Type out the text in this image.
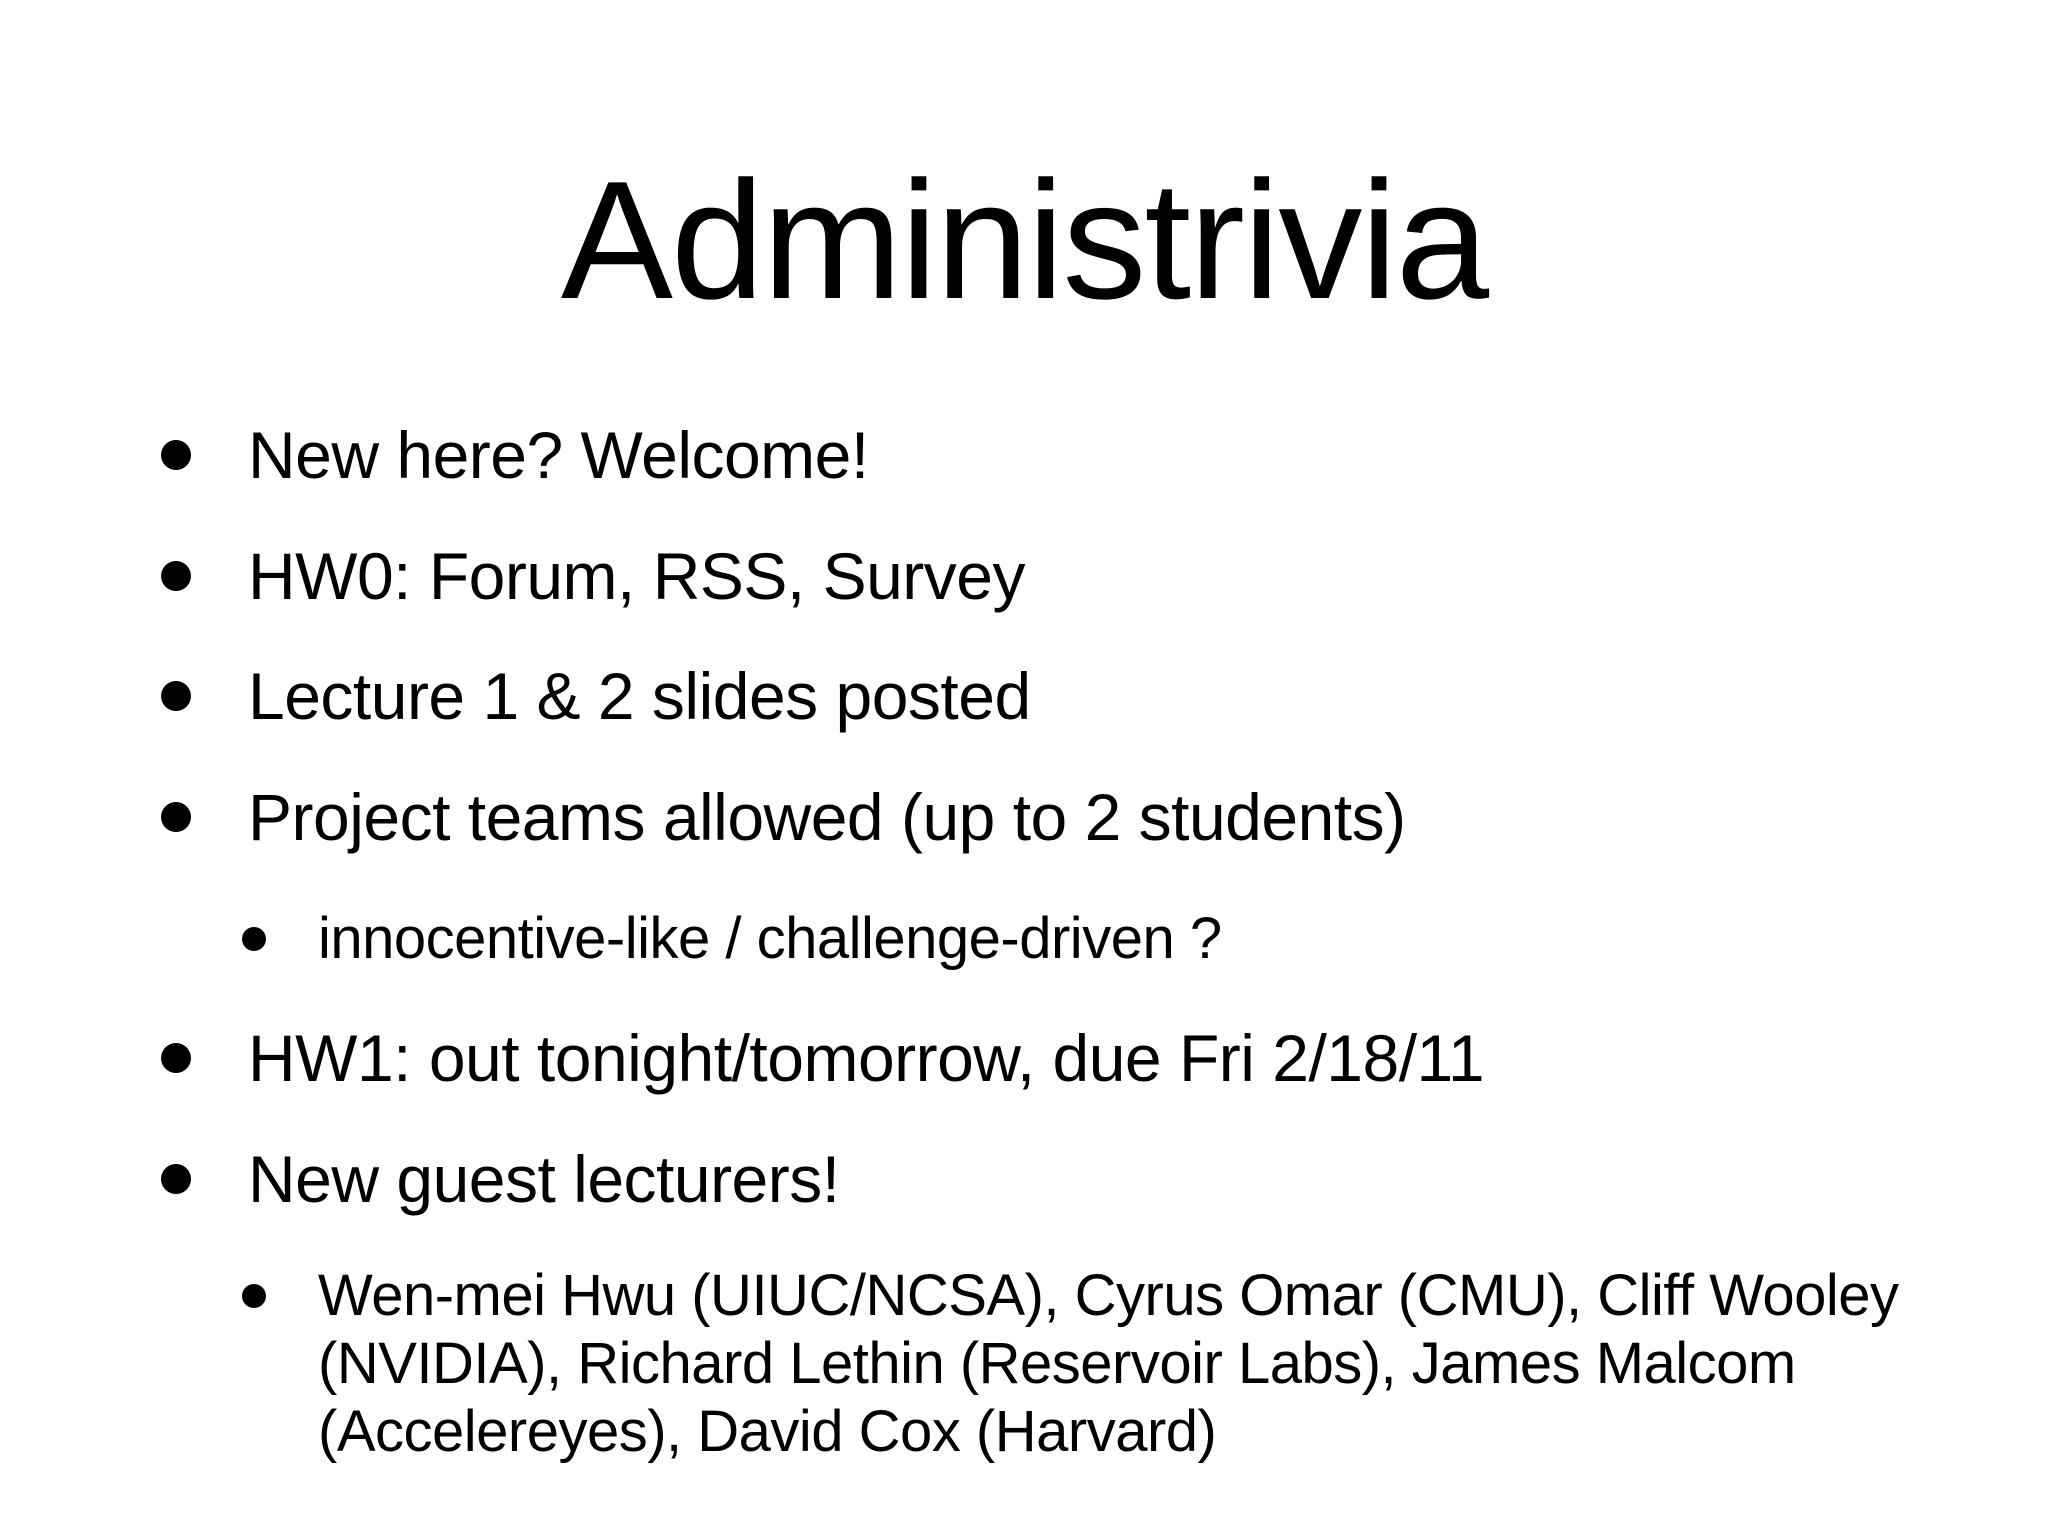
Administrivia
New here? Welcome!
HW0: Forum, RSS, Survey
Lecture 1 & 2 slides posted
Project teams allowed (up to 2 students)
innocentive-like / challenge-driven ?
HW1: out tonight/tomorrow, due Fri 2/18/11
New guest lecturers!
Wen-mei Hwu (UIUC/NCSA), Cyrus Omar (CMU), Cliff Wooley
(NVIDIA), Richard Lethin (Reservoir Labs), James Malcom
(Accelereyes), David Cox (Harvard)
